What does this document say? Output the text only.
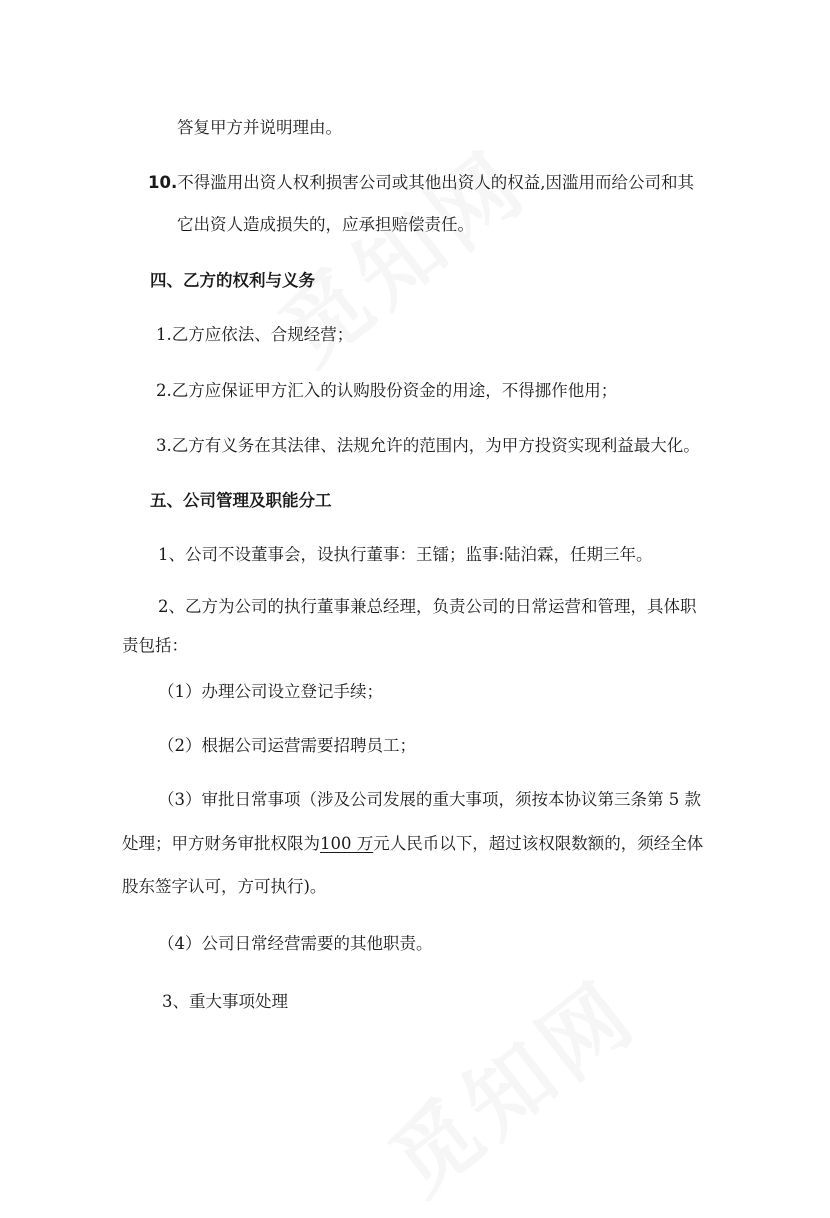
答复甲方并说明理由。

10.不得滥用出资人权利损害公司或其他出资人的权益,因滥用而给公司和其

它出资人造成损失的，应承担赔偿责任。

四、乙方的权利与义务

1.乙方应依法、合规经营；

2.乙方应保证甲方汇入的认购股份资金的用途，不得挪作他用；

3.乙方有义务在其法律、法规允许的范围内，为甲方投资实现利益最大化。

五、公司管理及职能分工

1、公司不设董事会，设执行董事：王镭；监事:陆泊霖，任期三年。

2、乙方为公司的执行董事兼总经理，负责公司的日常运营和管理，具体职

责包括：

（1）办理公司设立登记手续；

（2）根据公司运营需要招聘员工；

（3）审批日常事项（涉及公司发展的重大事项，须按本协议第三条第 5 款

处理；甲方财务审批权限为100 万元人民币以下，超过该权限数额的，须经全体

股东签字认可，方可执行)。

（4）公司日常经营需要的其他职责。

3、重大事项处理
